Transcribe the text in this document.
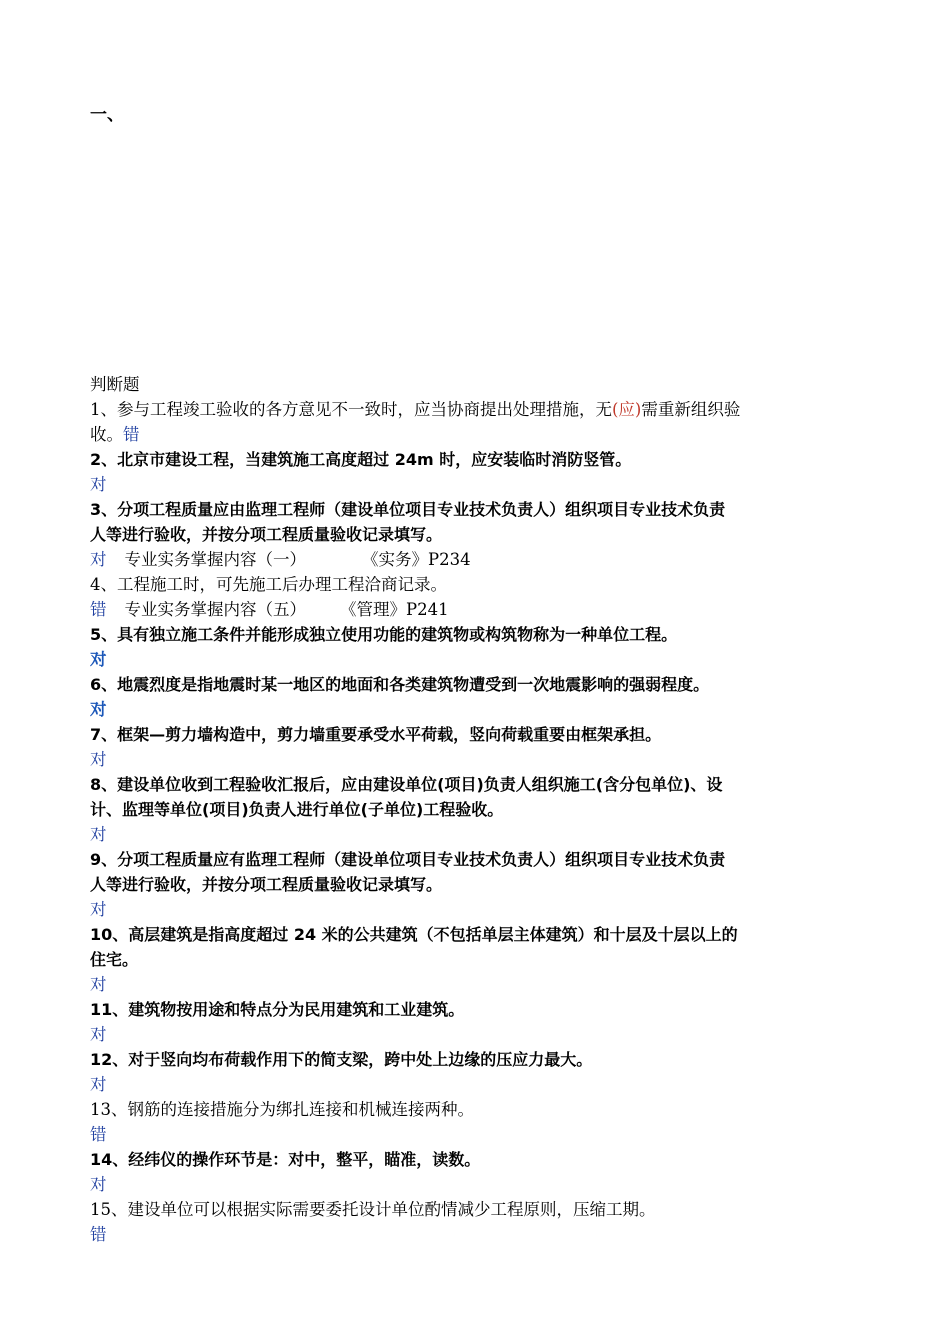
一、
判断题
1、参与工程竣工验收的各方意见不一致时，应当协商提出处理措施，无(应)需重新组织验
收。错
2、北京市建设工程，当建筑施工高度超过 24m 时，应安装临时消防竖管。
对
3、分项工程质量应由监理工程师（建设单位项目专业技术负责人）组织项目专业技术负责
人等进行验收，并按分项工程质量验收记录填写。
对 专业实务掌握内容（一）	《实务》P234
4、工程施工时，可先施工后办理工程洽商记录。
错 专业实务掌握内容（五） 《管理》P241
5、具有独立施工条件并能形成独立使用功能的建筑物或构筑物称为一种单位工程。
对
6、地震烈度是指地震时某一地区的地面和各类建筑物遭受到一次地震影响的强弱程度。
对
7、框架—剪力墙构造中，剪力墙重要承受水平荷载，竖向荷载重要由框架承担。
对
8、建设单位收到工程验收汇报后，应由建设单位(项目)负责人组织施工(含分包单位)、设
计、监理等单位(项目)负责人进行单位(子单位)工程验收。
对
9、分项工程质量应有监理工程师（建设单位项目专业技术负责人）组织项目专业技术负责
人等进行验收，并按分项工程质量验收记录填写。
对
10、高层建筑是指高度超过 24 米的公共建筑（不包括单层主体建筑）和十层及十层以上的
住宅。
对
11、建筑物按用途和特点分为民用建筑和工业建筑。
对
12、对于竖向均布荷载作用下的简支梁，跨中处上边缘的压应力最大。
对
13、钢筋的连接措施分为绑扎连接和机械连接两种。
错
14、经纬仪的操作环节是：对中，整平，瞄准，读数。
对
15、建设单位可以根据实际需要委托设计单位酌情减少工程原则，压缩工期。
错
